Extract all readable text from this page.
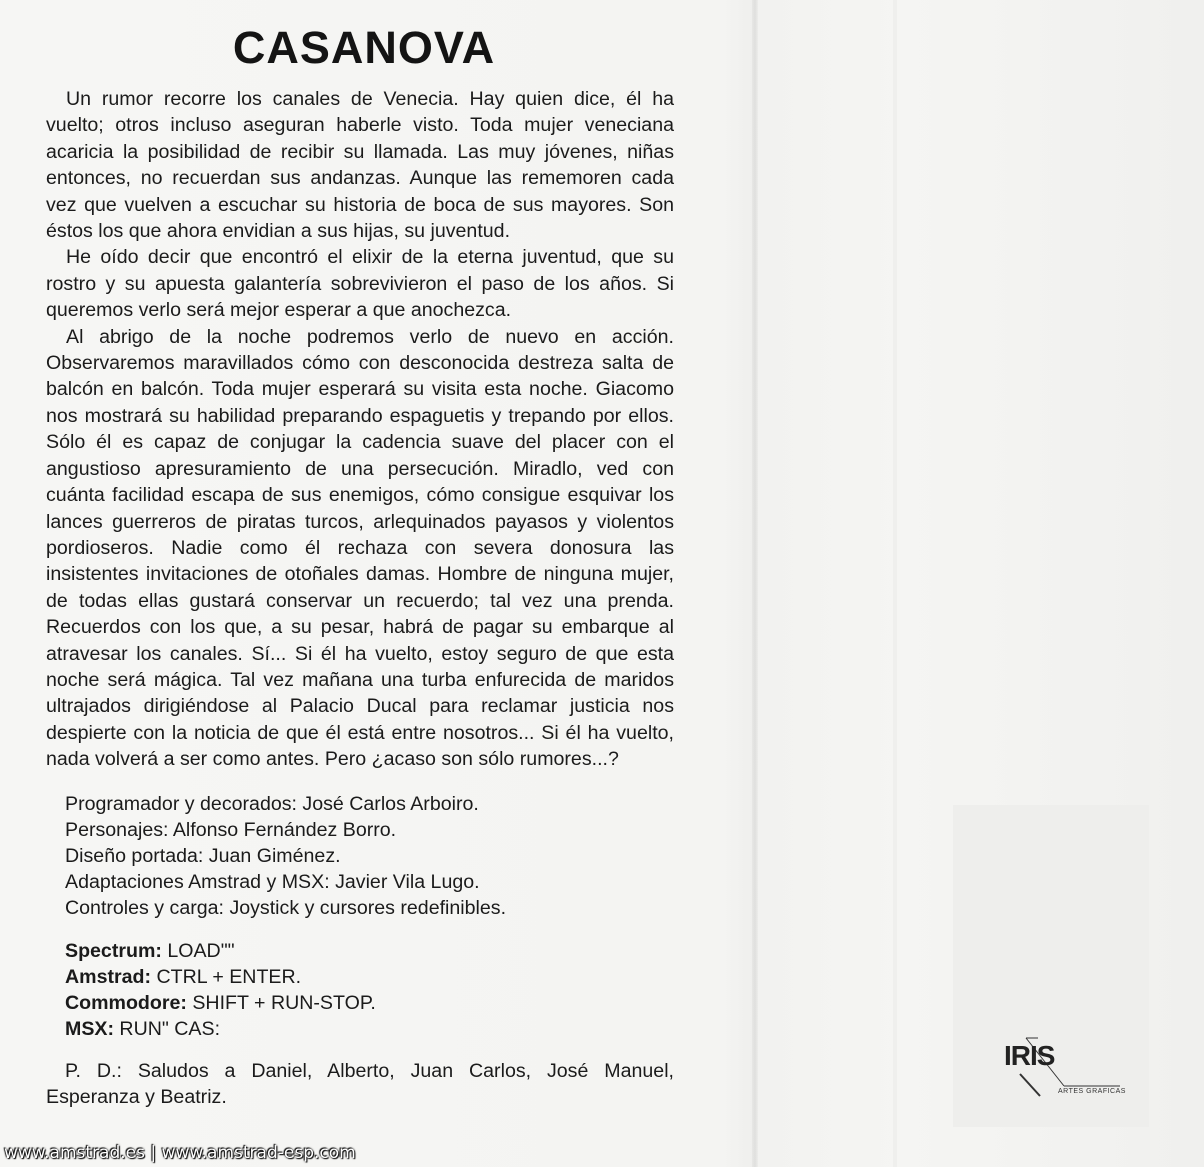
CASANOVA

Un rumor recorre los canales de Venecia. Hay quien dice, él ha vuelto; otros incluso aseguran haberle visto. Toda mujer veneciana acaricia la posibilidad de recibir su llamada. Las muy jóvenes, niñas entonces, no recuerdan sus andanzas. Aunque las rememoren cada vez que vuelven a escuchar su historia de boca de sus mayores. Son éstos los que ahora envidian a sus hijas, su juventud.

He oído decir que encontró el elixir de la eterna juventud, que su rostro y su apuesta galantería sobrevivieron el paso de los años. Si queremos verlo será mejor esperar a que anochezca.

Al abrigo de la noche podremos verlo de nuevo en acción. Observaremos maravillados cómo con desconocida destreza salta de balcón en balcón. Toda mujer esperará su visita esta noche. Giacomo nos mostrará su habilidad preparando espaguetis y trepando por ellos. Sólo él es capaz de conjugar la cadencia suave del placer con el angustioso apresuramiento de una persecución. Miradlo, ved con cuánta facilidad escapa de sus enemigos, cómo consigue esquivar los lances guerreros de piratas turcos, arlequinados payasos y violentos pordioseros. Nadie como él rechaza con severa donosura las insistentes invitaciones de otoñales damas. Hombre de ninguna mujer, de todas ellas gustará conservar un recuerdo; tal vez una prenda. Recuerdos con los que, a su pesar, habrá de pagar su embarque al atravesar los canales. Sí... Si él ha vuelto, estoy seguro de que esta noche será mágica. Tal vez mañana una turba enfurecida de maridos ultrajados dirigiéndose al Palacio Ducal para reclamar justicia nos despierte con la noticia de que él está entre nosotros... Si él ha vuelto, nada volverá a ser como antes. Pero ¿acaso son sólo rumores...?

Programador y decorados: José Carlos Arboiro.
Personajes: Alfonso Fernández Borro.
Diseño portada: Juan Giménez.
Adaptaciones Amstrad y MSX: Javier Vila Lugo.
Controles y carga: Joystick y cursores redefinibles.
Spectrum: LOAD""
Amstrad: CTRL + ENTER.
Commodore: SHIFT + RUN-STOP.
MSX: RUN" CAS:

P. D.: Saludos a Daniel, Alberto, Juan Carlos, José Manuel, Esperanza y Beatriz.

IRIS
ARTES GRAFICAS
www.amstrad.es | www.amstrad-esp.com
